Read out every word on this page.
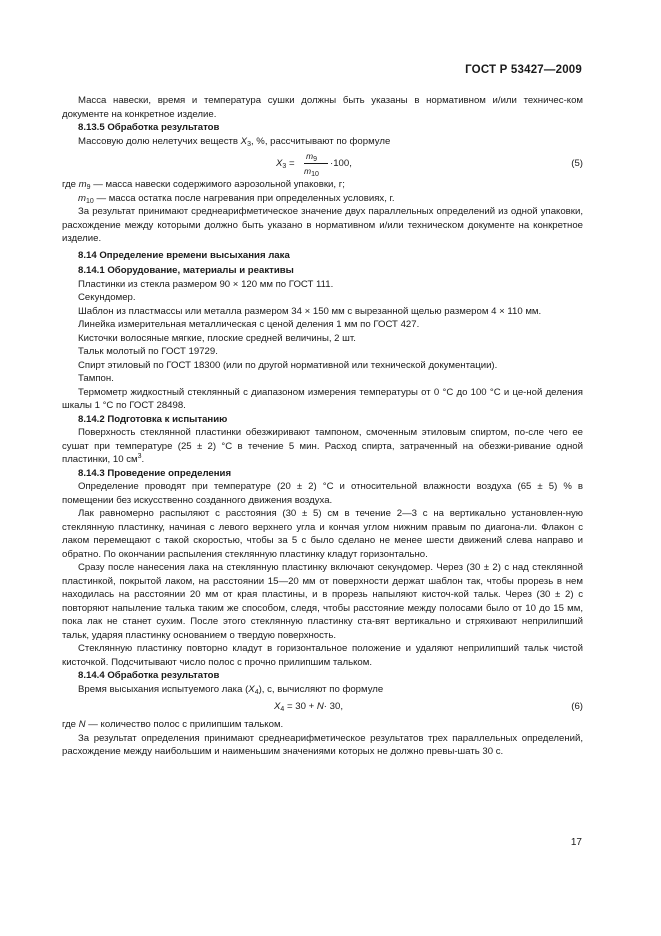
ГОСТ Р 53427—2009

Масса навески, время и температура сушки должны быть указаны в нормативном и/или техничес-ком документе на конкретное изделие.

8.13.5 Обработка результатов

Массовую долю нелетучих веществ $X_3$, %, рассчитывают по формуле

$X_3$ =
$m_9$
$m_{10}$
·100,	(5)

где $m_9$ — масса навески содержимого аэрозольной упаковки, г;

$m_{10}$ — масса остатка после нагревания при определенных условиях, г.

За результат принимают среднеарифметическое значение двух параллельных определений из одной упаковки, расхождение между которыми должно быть указано в нормативном и/или техническом документе на конкретное изделие.

8.14 Определение времени высыхания лака

8.14.1 Оборудование, материалы и реактивы

Пластинки из стекла размером 90 × 120 мм по ГОСТ 111.

Секундомер.

Шаблон из пластмассы или металла размером 34 × 150 мм с вырезанной щелью размером 4 × 110 мм.

Линейка измерительная металлическая с ценой деления 1 мм по ГОСТ 427.

Кисточки волосяные мягкие, плоские средней величины, 2 шт.

Тальк молотый по ГОСТ 19729.

Спирт этиловый по ГОСТ 18300 (или по другой нормативной или технической документации).

Тампон.

Термометр жидкостный стеклянный с диапазоном измерения температуры от 0 °С до 100 °С и це-ной деления шкалы 1 °С по ГОСТ 28498.

8.14.2 Подготовка к испытанию

Поверхность стеклянной пластинки обезжиривают тампоном, смоченным этиловым спиртом, по-сле чего ее сушат при температуре (25 ± 2) °С в течение 5 мин. Расход спирта, затраченный на обезжи-ривание одной пластинки, 10 $см^3$.

8.14.3 Проведение определения

Определение проводят при температуре (20 ± 2) °С и относительной влажности воздуха (65 ± 5) % в помещении без искусственно созданного движения воздуха.

Лак равномерно распыляют с расстояния (30 ± 5) см в течение 2—3 с на вертикально установлен-ную стеклянную пластинку, начиная с левого верхнего угла и кончая углом нижним правым по диагона-ли. Флакон с лаком перемещают с такой скоростью, чтобы за 5 с было сделано не менее шести движений слева направо и обратно. По окончании распыления стеклянную пластинку кладут горизонтально.

Сразу после нанесения лака на стеклянную пластинку включают секундомер. Через (30 ± 2) с над стеклянной пластинкой, покрытой лаком, на расстоянии 15—20 мм от поверхности держат шаблон так, чтобы прорезь в нем находилась на расстоянии 20 мм от края пластины, и в прорезь напыляют кисточ-кой тальк. Через (30 ± 2) с повторяют напыление талька таким же способом, следя, чтобы расстояние между полосами было от 10 до 15 мм, пока лак не станет сухим. После этого стеклянную пластинку ста-вят вертикально и стряхивают неприлипший тальк, ударяя пластинку основанием о твердую поверхность.

Стеклянную пластинку повторно кладут в горизонтальное положение и удаляют неприлипший тальк чистой кисточкой. Подсчитывают число полос с прочно прилипшим тальком.

8.14.4 Обработка результатов

Время высыхания испытуемого лака $(X_4)$, с, вычисляют по формуле

$X_4 = 30 + N\cdot 30$,	(6)

где N — количество полос с прилипшим тальком.

За результат определения принимают среднеарифметическое результатов трех параллельных определений, расхождение между наибольшим и наименьшим значениями которых не должно превы-шать 30 с.

17
